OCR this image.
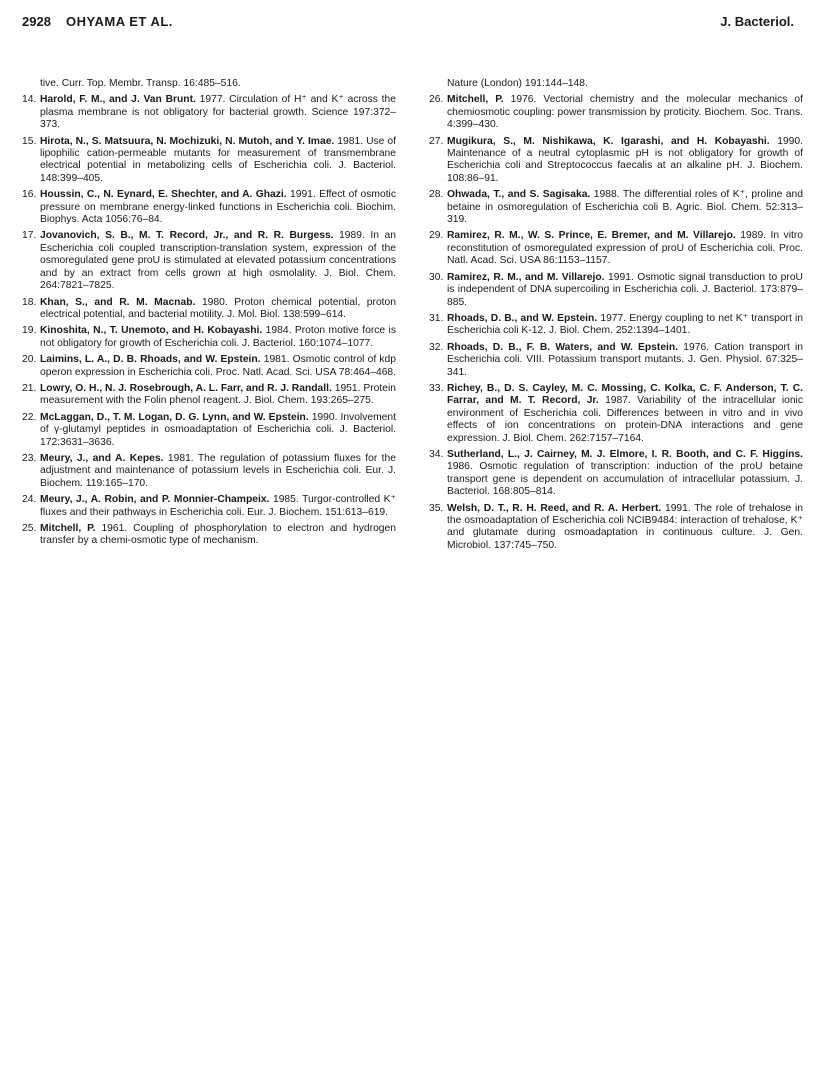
2928 OHYAMA ET AL.	J. Bacteriol.

tive. Curr. Top. Membr. Transp. 16:485–516.

14. Harold, F. M., and J. Van Brunt. 1977. Circulation of H⁺ and K⁺ across the plasma membrane is not obligatory for bacterial growth. Science 197:372–373.

15. Hirota, N., S. Matsuura, N. Mochizuki, N. Mutoh, and Y. Imae. 1981. Use of lipophilic cation-permeable mutants for measurement of transmembrane electrical potential in metabolizing cells of Escherichia coli. J. Bacteriol. 148:399–405.

16. Houssin, C., N. Eynard, E. Shechter, and A. Ghazi. 1991. Effect of osmotic pressure on membrane energy-linked functions in Escherichia coli. Biochim. Biophys. Acta 1056:76–84.

17. Jovanovich, S. B., M. T. Record, Jr., and R. R. Burgess. 1989. In an Escherichia coli coupled transcription-translation system, expression of the osmoregulated gene proU is stimulated at elevated potassium concentrations and by an extract from cells grown at high osmolality. J. Biol. Chem. 264:7821–7825.

18. Khan, S., and R. M. Macnab. 1980. Proton chemical potential, proton electrical potential, and bacterial motility. J. Mol. Biol. 138:599–614.

19. Kinoshita, N., T. Unemoto, and H. Kobayashi. 1984. Proton motive force is not obligatory for growth of Escherichia coli. J. Bacteriol. 160:1074–1077.

20. Laimins, L. A., D. B. Rhoads, and W. Epstein. 1981. Osmotic control of kdp operon expression in Escherichia coli. Proc. Natl. Acad. Sci. USA 78:464–468.

21. Lowry, O. H., N. J. Rosebrough, A. L. Farr, and R. J. Randall. 1951. Protein measurement with the Folin phenol reagent. J. Biol. Chem. 193:265–275.

22. McLaggan, D., T. M. Logan, D. G. Lynn, and W. Epstein. 1990. Involvement of γ-glutamyl peptides in osmoadaptation of Escherichia coli. J. Bacteriol. 172:3631–3636.

23. Meury, J., and A. Kepes. 1981. The regulation of potassium fluxes for the adjustment and maintenance of potassium levels in Escherichia coli. Eur. J. Biochem. 119:165–170.

24. Meury, J., A. Robin, and P. Monnier-Champeix. 1985. Turgor-controlled K⁺ fluxes and their pathways in Escherichia coli. Eur. J. Biochem. 151:613–619.

25. Mitchell, P. 1961. Coupling of phosphorylation to electron and hydrogen transfer by a chemi-osmotic type of mechanism.

Nature (London) 191:144–148.

26. Mitchell, P. 1976. Vectorial chemistry and the molecular mechanics of chemiosmotic coupling: power transmission by proticity. Biochem. Soc. Trans. 4:399–430.

27. Mugikura, S., M. Nishikawa, K. Igarashi, and H. Kobayashi. 1990. Maintenance of a neutral cytoplasmic pH is not obligatory for growth of Escherichia coli and Streptococcus faecalis at an alkaline pH. J. Biochem. 108:86–91.

28. Ohwada, T., and S. Sagisaka. 1988. The differential roles of K⁺, proline and betaine in osmoregulation of Escherichia coli B. Agric. Biol. Chem. 52:313–319.

29. Ramirez, R. M., W. S. Prince, E. Bremer, and M. Villarejo. 1989. In vitro reconstitution of osmoregulated expression of proU of Escherichia coli. Proc. Natl. Acad. Sci. USA 86:1153–1157.

30. Ramirez, R. M., and M. Villarejo. 1991. Osmotic signal transduction to proU is independent of DNA supercoiling in Escherichia coli. J. Bacteriol. 173:879–885.

31. Rhoads, D. B., and W. Epstein. 1977. Energy coupling to net K⁺ transport in Escherichia coli K-12. J. Biol. Chem. 252:1394–1401.

32. Rhoads, D. B., F. B. Waters, and W. Epstein. 1976. Cation transport in Escherichia coli. VIII. Potassium transport mutants. J. Gen. Physiol. 67:325–341.

33. Richey, B., D. S. Cayley, M. C. Mossing, C. Kolka, C. F. Anderson, T. C. Farrar, and M. T. Record, Jr. 1987. Variability of the intracellular ionic environment of Escherichia coli. Differences between in vitro and in vivo effects of ion concentrations on protein-DNA interactions and gene expression. J. Biol. Chem. 262:7157–7164.

34. Sutherland, L., J. Cairney, M. J. Elmore, I. R. Booth, and C. F. Higgins. 1986. Osmotic regulation of transcription: induction of the proU betaine transport gene is dependent on accumulation of intracellular potassium. J. Bacteriol. 168:805–814.

35. Welsh, D. T., R. H. Reed, and R. A. Herbert. 1991. The role of trehalose in the osmoadaptation of Escherichia coli NCIB9484: interaction of trehalose, K⁺ and glutamate during osmoadaptation in continuous culture. J. Gen. Microbiol. 137:745–750.
